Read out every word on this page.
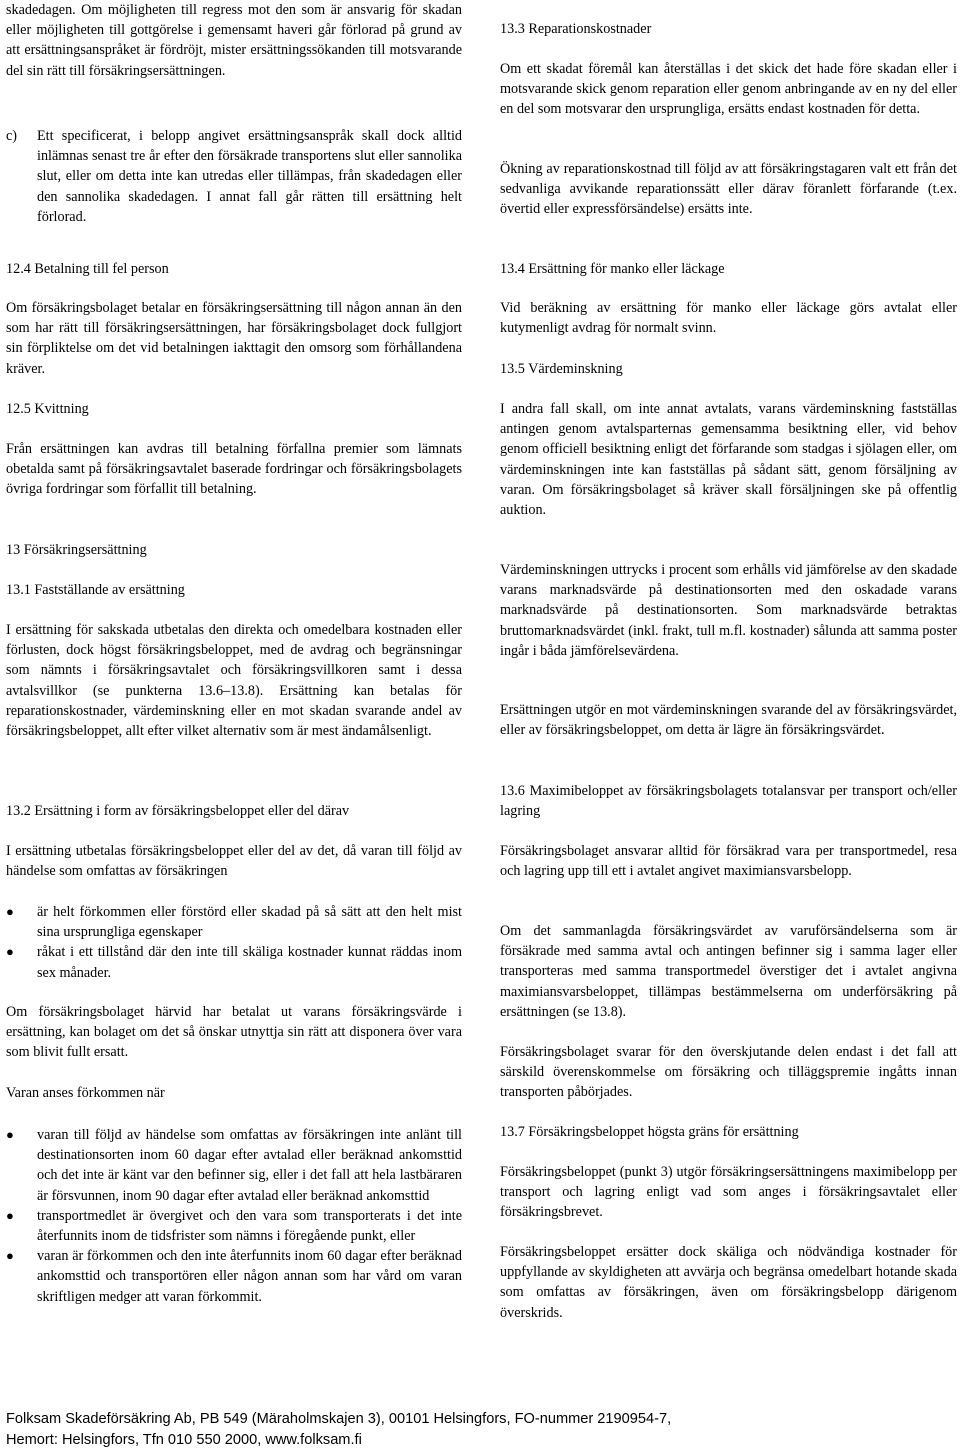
skadedagen. Om möjligheten till regress mot den som är ansvarig för skadan eller möjligheten till gottgörelse i gemensamt haveri går förlorad på grund av att ersättningsanspråket är fördröjt, mister ersättningssökanden till motsvarande del sin rätt till försäkringsersättningen.

c)	Ett specificerat, i belopp angivet ersättningsanspråk skall dock alltid inlämnas senast tre år efter den försäkrade transportens slut eller sannolika slut, eller om detta inte kan utredas eller tillämpas, från skadedagen eller den sannolika skadedagen. I annat fall går rätten till ersättning helt förlorad.

12.4 Betalning till fel person

Om försäkringsbolaget betalar en försäkringsersättning till någon annan än den som har rätt till försäkringsersättningen, har försäkringsbolaget dock fullgjort sin förpliktelse om det vid betalningen iakttagit den omsorg som förhållandena kräver.

12.5 Kvittning

Från ersättningen kan avdras till betalning förfallna premier som lämnats obetalda samt på försäkringsavtalet baserade fordringar och försäkringsbolagets övriga fordringar som förfallit till betalning.

13 Försäkringsersättning

13.1 Fastställande av ersättning

I ersättning för sakskada utbetalas den direkta och omedelbara kostnaden eller förlusten, dock högst försäkringsbeloppet, med de avdrag och begränsningar som nämnts i försäkringsavtalet och försäkringsvillkoren samt i dessa avtalsvillkor (se punkterna 13.6–13.8). Ersättning kan betalas för reparationskostnader, värdeminskning eller en mot skadan svarande andel av försäkringsbeloppet, allt efter vilket alternativ som är mest ändamålsenligt.

13.2 Ersättning i form av försäkringsbeloppet eller del därav

I ersättning utbetalas försäkringsbeloppet eller del av det, då varan till följd av händelse som omfattas av försäkringen

●	är helt förkommen eller förstörd eller skadad på så sätt att den helt mist sina ursprungliga egenskaper
●	råkat i ett tillstånd där den inte till skäliga kostnader kunnat räddas inom sex månader.

Om försäkringsbolaget härvid har betalat ut varans försäkringsvärde i ersättning, kan bolaget om det så önskar utnyttja sin rätt att disponera över vara som blivit fullt ersatt.

Varan anses förkommen när

●	varan till följd av händelse som omfattas av försäkringen inte anlänt till destinationsorten inom 60 dagar efter avtalad eller beräknad ankomsttid och det inte är känt var den befinner sig, eller i det fall att hela lastbäraren är försvunnen, inom 90 dagar efter avtalad eller beräknad ankomsttid
●	transportmedlet är övergivet och den vara som transporterats i det inte återfunnits inom de tidsfrister som nämns i föregående punkt, eller
●	varan är förkommen och den inte återfunnits inom 60 dagar efter beräknad ankomsttid och transportören eller någon annan som har vård om varan skriftligen medger att varan förkommit.

13.3 Reparationskostnader

Om ett skadat föremål kan återställas i det skick det hade före skadan eller i motsvarande skick genom reparation eller genom anbringande av en ny del eller en del som motsvarar den ursprungliga, ersätts endast kostnaden för detta.

Ökning av reparationskostnad till följd av att försäkringstagaren valt ett från det sedvanliga avvikande reparationssätt eller därav föranlett förfarande (t.ex. övertid eller expressförsändelse) ersätts inte.

13.4 Ersättning för manko eller läckage

Vid beräkning av ersättning för manko eller läckage görs avtalat eller kutymenligt avdrag för normalt svinn.

13.5 Värdeminskning

I andra fall skall, om inte annat avtalats, varans värdeminskning fastställas antingen genom avtalsparternas gemensamma besiktning eller, vid behov genom officiell besiktning enligt det förfarande som stadgas i sjölagen eller, om värdeminskningen inte kan fastställas på sådant sätt, genom försäljning av varan. Om försäkringsbolaget så kräver skall försäljningen ske på offentlig auktion.

Värdeminskningen uttrycks i procent som erhålls vid jämförelse av den skadade varans marknadsvärde på destinationsorten med den oskadade varans marknadsvärde på destinationsorten. Som marknadsvärde betraktas bruttomarknadsvärdet (inkl. frakt, tull m.fl. kostnader) sålunda att samma poster ingår i båda jämförelsevärdena.

Ersättningen utgör en mot värdeminskningen svarande del av försäkringsvärdet, eller av försäkringsbeloppet, om detta är lägre än försäkringsvärdet.

13.6 Maximibeloppet av försäkringsbolagets totalansvar per transport och/eller lagring

Försäkringsbolaget ansvarar alltid för försäkrad vara per transportmedel, resa och lagring upp till ett i avtalet angivet maximiansvarsbelopp.

Om det sammanlagda försäkringsvärdet av varuförsändelserna som är försäkrade med samma avtal och antingen befinner sig i samma lager eller transporteras med samma transportmedel överstiger det i avtalet angivna maximiansvarsbeloppet, tillämpas bestämmelserna om underförsäkring på ersättningen (se 13.8).

Försäkringsbolaget svarar för den överskjutande delen endast i det fall att särskild överenskommelse om försäkring och tilläggspremie ingåtts innan transporten påbörjades.

13.7 Försäkringsbeloppet högsta gräns för ersättning

Försäkringsbeloppet (punkt 3) utgör försäkringsersättningens maximibelopp per transport och lagring enligt vad som anges i försäkringsavtalet eller försäkringsbrevet.

Försäkringsbeloppet ersätter dock skäliga och nödvändiga kostnader för uppfyllande av skyldigheten att avvärja och begränsa omedelbart hotande skada som omfattas av försäkringen, även om försäkringsbelopp därigenom överskrids.

Folksam Skadeförsäkring Ab, PB 549 (Märaholmskajen 3), 00101 Helsingfors, FO-nummer 2190954-7,
Hemort: Helsingfors, Tfn 010 550 2000, www.folksam.fi
